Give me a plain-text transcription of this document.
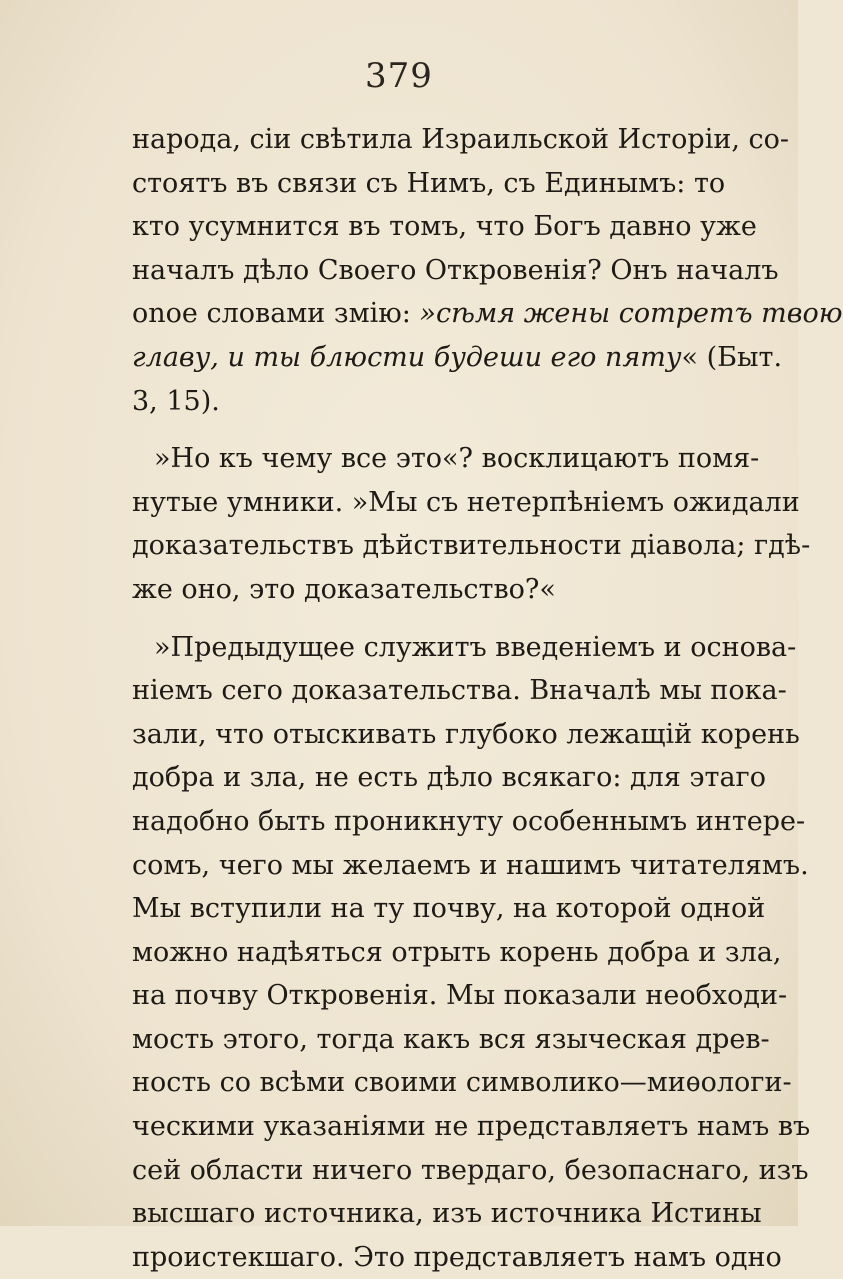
379
народа, сіи свѣтила Израильской Исторіи, со-
стоятъ въ связи съ Нимъ, съ Единымъ: то
кто усумнится въ томъ, что Богъ давно уже
началъ дѣло Своего Откровенія? Онъ началъ
onoe словами змію: »сѣмя жены сотретъ твою
главу, и ты блюсти будеши его пяту« (Быт.
3, 15).
»Но къ чему все это«? восклицаютъ помя-
нутые умники. »Мы съ нетерпѣніемъ ожидали
доказательствъ дѣйствительности діавола; гдѣ-
же оно, это доказательство?«
»Предыдущее служитъ введеніемъ и основа-
ніемъ сего доказательства. Вначалѣ мы пока-
зали, что отыскивать глубоко лежащій корень
добра и зла, не есть дѣло всякаго: для этаго
надобно быть проникнуту особеннымъ интере-
сомъ, чего мы желаемъ и нашимъ читателямъ.
Мы вступили на ту почву, на которой одной
можно надѣяться отрыть корень добра и зла,
на почву Откровенія. Мы показали необходи-
мость этого, тогда какъ вся языческая древ-
ность со всѣми своими символико—миѳологи-
ческими указаніями не представляетъ намъ въ
сей области ничего твердаго, безопаснаго, изъ
высшаго источника, изъ источника Истины
проистекшаго. Это представляетъ намъ одно
